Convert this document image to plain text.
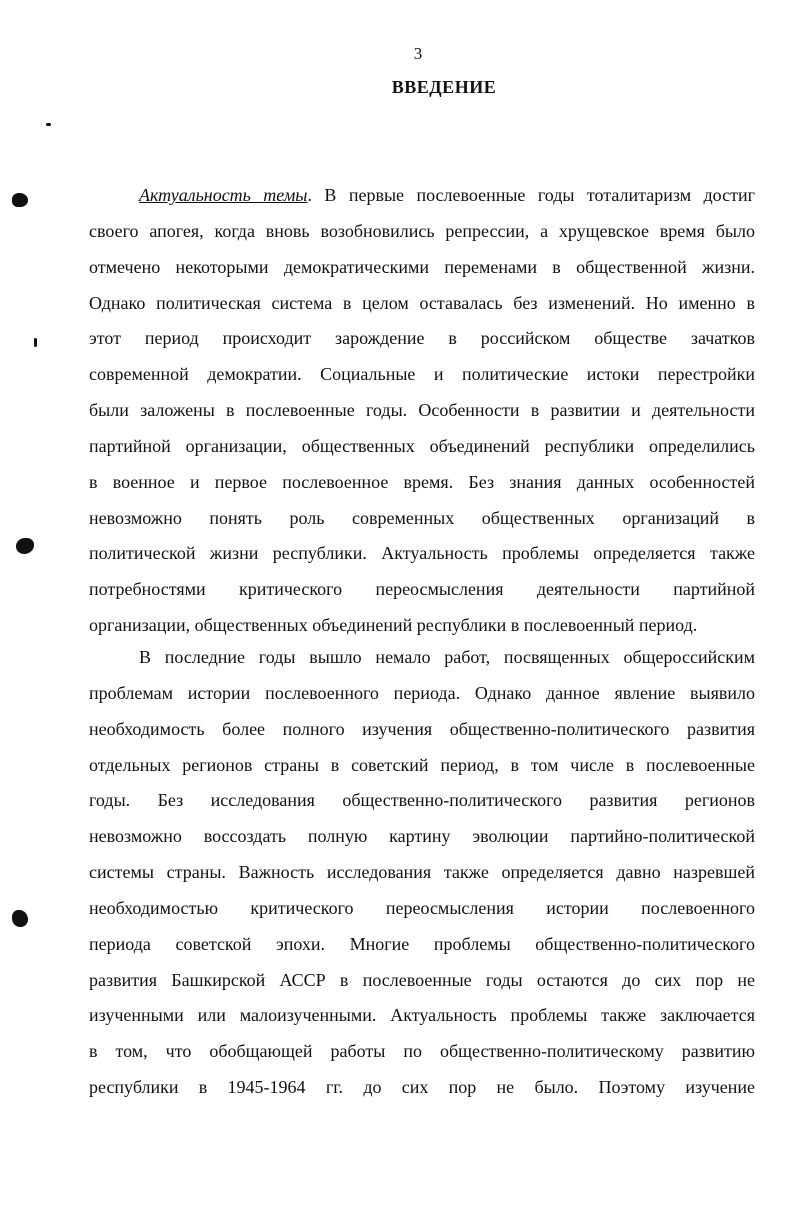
3
ВВЕДЕНИЕ
Актуальность темы. В первые послевоенные годы тоталитаризм достиг
своего апогея, когда вновь возобновились репрессии, а хрущевское время было
отмечено некоторыми демократическими переменами в общественной жизни.
Однако политическая система в целом оставалась без изменений. Но именно в
этот период происходит зарождение в российском обществе зачатков
современной демократии. Социальные и политические истоки перестройки
были заложены в послевоенные годы. Особенности в развитии и деятельности
партийной организации, общественных объединений республики определились
в военное и первое послевоенное время. Без знания данных особенностей
невозможно понять роль современных общественных организаций в
политической жизни республики. Актуальность проблемы определяется также
потребностями критического переосмысления деятельности партийной
организации, общественных объединений республики в послевоенный период.
В последние годы вышло немало работ, посвященных общероссийским
проблемам истории послевоенного периода. Однако данное явление выявило
необходимость более полного изучения общественно-политического развития
отдельных регионов страны в советский период, в том числе в послевоенные
годы. Без исследования общественно-политического развития регионов
невозможно воссоздать полную картину эволюции партийно-политической
системы страны. Важность исследования также определяется давно назревшей
необходимостью критического переосмысления истории послевоенного
периода советской эпохи. Многие проблемы общественно-политического
развития Башкирской АССР в послевоенные годы остаются до сих пор не
изученными или малоизученными. Актуальность проблемы также заключается
в том, что обобщающей работы по общественно-политическому развитию
республики в 1945-1964 гг. до сих пор не было. Поэтому изучение
